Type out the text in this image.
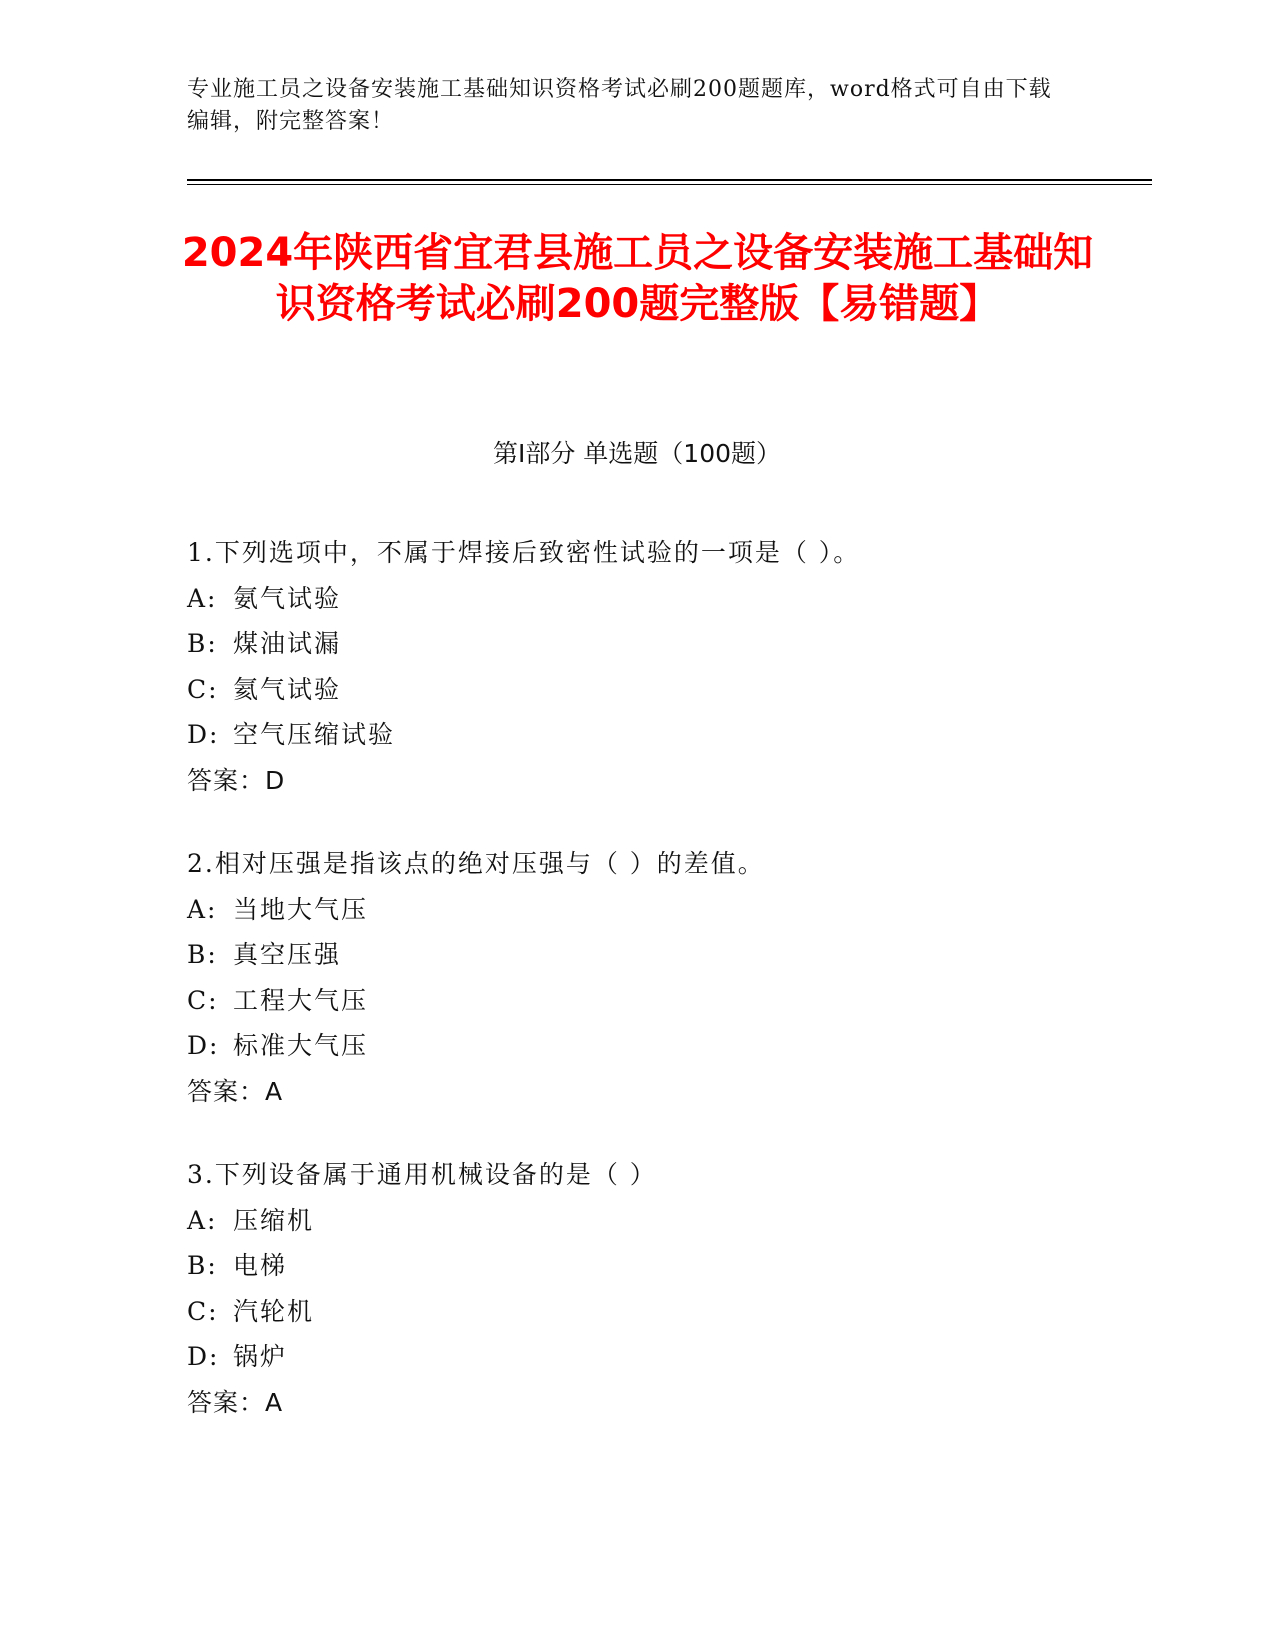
专业施工员之设备安装施工基础知识资格考试必刷200题题库，word格式可自由下载编辑，附完整答案！
2024年陕西省宜君县施工员之设备安装施工基础知识资格考试必刷200题完整版【易错题】
第I部分 单选题（100题）
1.下列选项中，不属于焊接后致密性试验的一项是（ ）。
A: 氨气试验
B: 煤油试漏
C: 氦气试验
D: 空气压缩试验
答案：D
2.相对压强是指该点的绝对压强与（ ）的差值。
A: 当地大气压
B: 真空压强
C: 工程大气压
D: 标准大气压
答案：A
3.下列设备属于通用机械设备的是（ ）
A: 压缩机
B: 电梯
C: 汽轮机
D: 锅炉
答案：A
